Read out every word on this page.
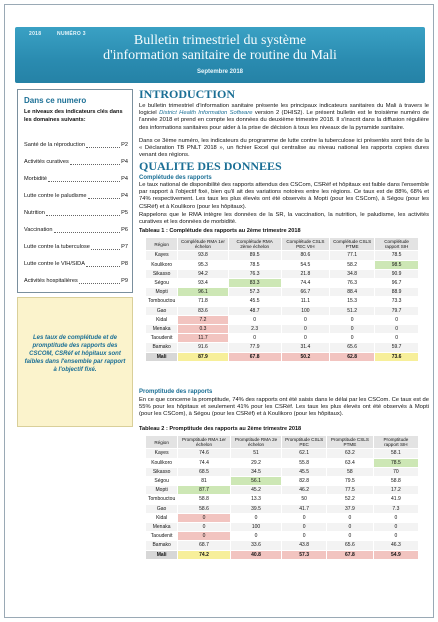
2018	NUMÉRO 3	Bulletin trimestriel du système
d'information sanitaire de routine du Mali
Septembre 2018
Dans ce numero
Le niveaux des indicateurs clés dans les domaines suivants:
Santé de la réproduction	P2
Activités curatives	P4
Morbidité	P4
Lutte contre le paludisme	P4
Nutrition	P5
Vaccination	P6
Lutte contre la tuberculose	P7
Lutte contre le VIH/SIDA	P8
Activités hospitalières	P9

Les taux de complétude et de promptitude des rapports des CSCOM, CSRéf et hôpitaux sont faibles dans l'ensemble par rapport à l'objectif fixé.

INTRODUCTION

Le bulletin trimestriel d'information sanitaire présente les principaux indicateurs sanitaires du Mali à travers le logiciel District Health Information Software version 2 (DHIS2). Le présent bulletin est le troisième numéro de l'année 2018 et prend en compte les données du deuxième trimestre 2018. Il s'inscrit dans la diffusion régulière des informations sanitaires pour aider à la prise de décision à tous les niveaux de la pyramide sanitaire.

Dans ce 3ème numéro, les indicateurs du programme de lutte contre la tuberculose ici présentés sont tirés de la « Déclaration TB PNLT 2018 », un fichier Excel qui centralise au niveau national les rapports copies dures venant des régions.

QUALITE DES DONNEES
Complétude des rapports

Le taux national de disponibilité des rapports attendus des CSCom, CSRéf et hôpitaux est faible dans l'ensemble par rapport à l'objectif fixé, bien qu'il ait des variations notoires entre les régions. Ce taux est de 88%, 68% et 74% respectivement. Les taux les plus élevés ont été observés à Mopti (pour les CSCom), à Ségou (pour les CSRéf) et à Koulikoro (pour les hôpitaux).

Rappelons que le RMA intègre les données de la SR, la vaccination, la nutrition, le paludisme, les activités curatives et les données de morbidité.

Tableau 1 : Complétude des rapports au 2ème trimestre 2018
Région	Complétude RMA 1er échelon	Complétude RMA 2ème échelon	Complétude CSLS PEC VIH	Complétude CSLS PTME	Complétude rapport SIH
Kayes	93.8	89.5	80.6	77.1	78.5
Koulikoro	95.3	78.5	54.5	58.2	98.5
Sikasso	94.2	76.3	21.8	34.8	90.9
Ségou	93.4	83.3	74.4	76.3	96.7
Mopti	96.1	57.3	66.7	88.4	88.9
Tombouctou	71.8	45.5	11.1	15.3	73.3
Gao	83.6	48.7	100	51.2	79.7
Kidal	7.2	0	0	0	0
Menaka	0.3	2.3	0	0	0
Taoudenit	11.7	0	0	0	0
Bamako	91.6	77.9	31.4	65.6	59.7
Mali	87.9	67.8	50.2	62.8	73.6
Promptitude des rapports

En ce que concerne la promptitude, 74% des rapports ont été saisis dans le délai par les CSCom. Ce taux est de 55% pour les hôpitaux et seulement 41% pour les CSRéf. Les taux les plus élevés ont été observés à Mopti (pour les CSCom), à Ségou (pour les CSRéf) et à Koulikoro (pour les hôpitaux).

Tableau 2 : Promptitude des rapports au 2ème trimestre 2018
Région	Promptitude RMA 1er échelon	Promptitude RMA 2e échelon	Promptitude CSLS PEC	Promptitude CSLS PTME	Promptitude rapport SIH
Kayes	74.6	51	62.1	63.2	58.1
Koulikoro	74.4	29.2	55.8	63.4	78.5
Sikasso	68.5	34.5	45.5	58	70
Ségou	81	56.1	82.8	79.5	58.8
Mopti	87.7	45.2	46.2	77.5	17.2
Tombouctou	58.8	13.3	50	52.2	41.9
Gao	58.6	39.5	41.7	37.9	7.3
Kidal	0	0	0	0	0
Menaka	0	100	0	0	0
Taoudenit	0	0	0	0	0
Bamako	68.7	33.6	43.8	65.6	46.3
Mali	74.2	40.8	57.3	67.8	54.9
